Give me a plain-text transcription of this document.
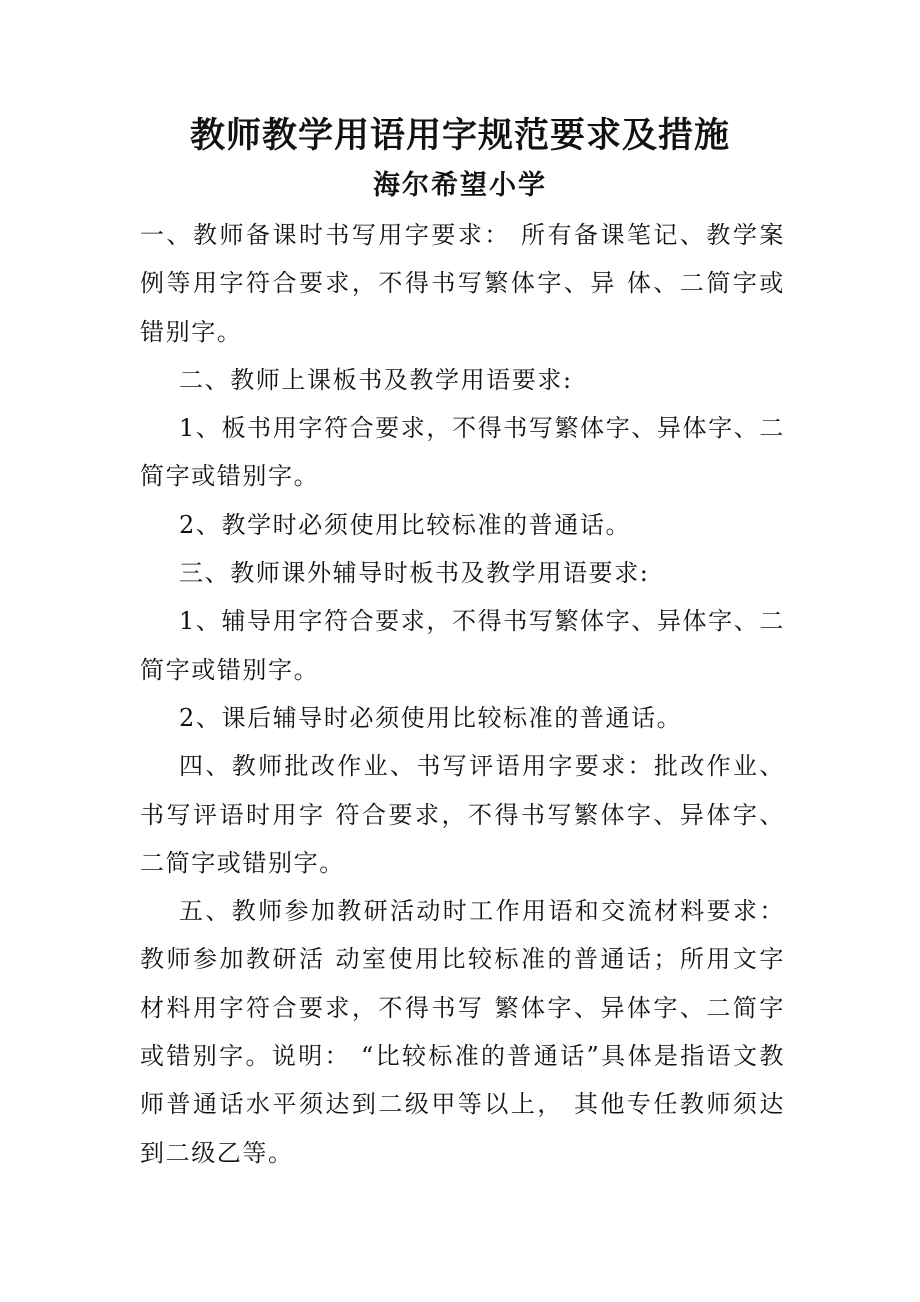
教师教学用语用字规范要求及措施
海尔希望小学

一、教师备课时书写用字要求： 所有备课笔记、教学案例等用字符合要求，不得书写繁体字、异 体、二简字或错别字。

二、教师上课板书及教学用语要求:

1、板书用字符合要求，不得书写繁体字、异体字、二简字或错别字。

2、教学时必须使用比较标准的普通话。

三、教师课外辅导时板书及教学用语要求:

1、辅导用字符合要求，不得书写繁体字、异体字、二简字或错别字。

2、课后辅导时必须使用比较标准的普通话。

四、教师批改作业、书写评语用字要求：批改作业、书写评语时用字 符合要求，不得书写繁体字、异体字、二简字或错别字。

五、教师参加教研活动时工作用语和交流材料要求：教师参加教研活 动室使用比较标准的普通话；所用文字材料用字符合要求，不得书写 繁体字、异体字、二简字或错别字。说明： “比较标准的普通话”具体是指语文教师普通话水平须达到二级甲等以上， 其他专任教师须达 到二级乙等。
